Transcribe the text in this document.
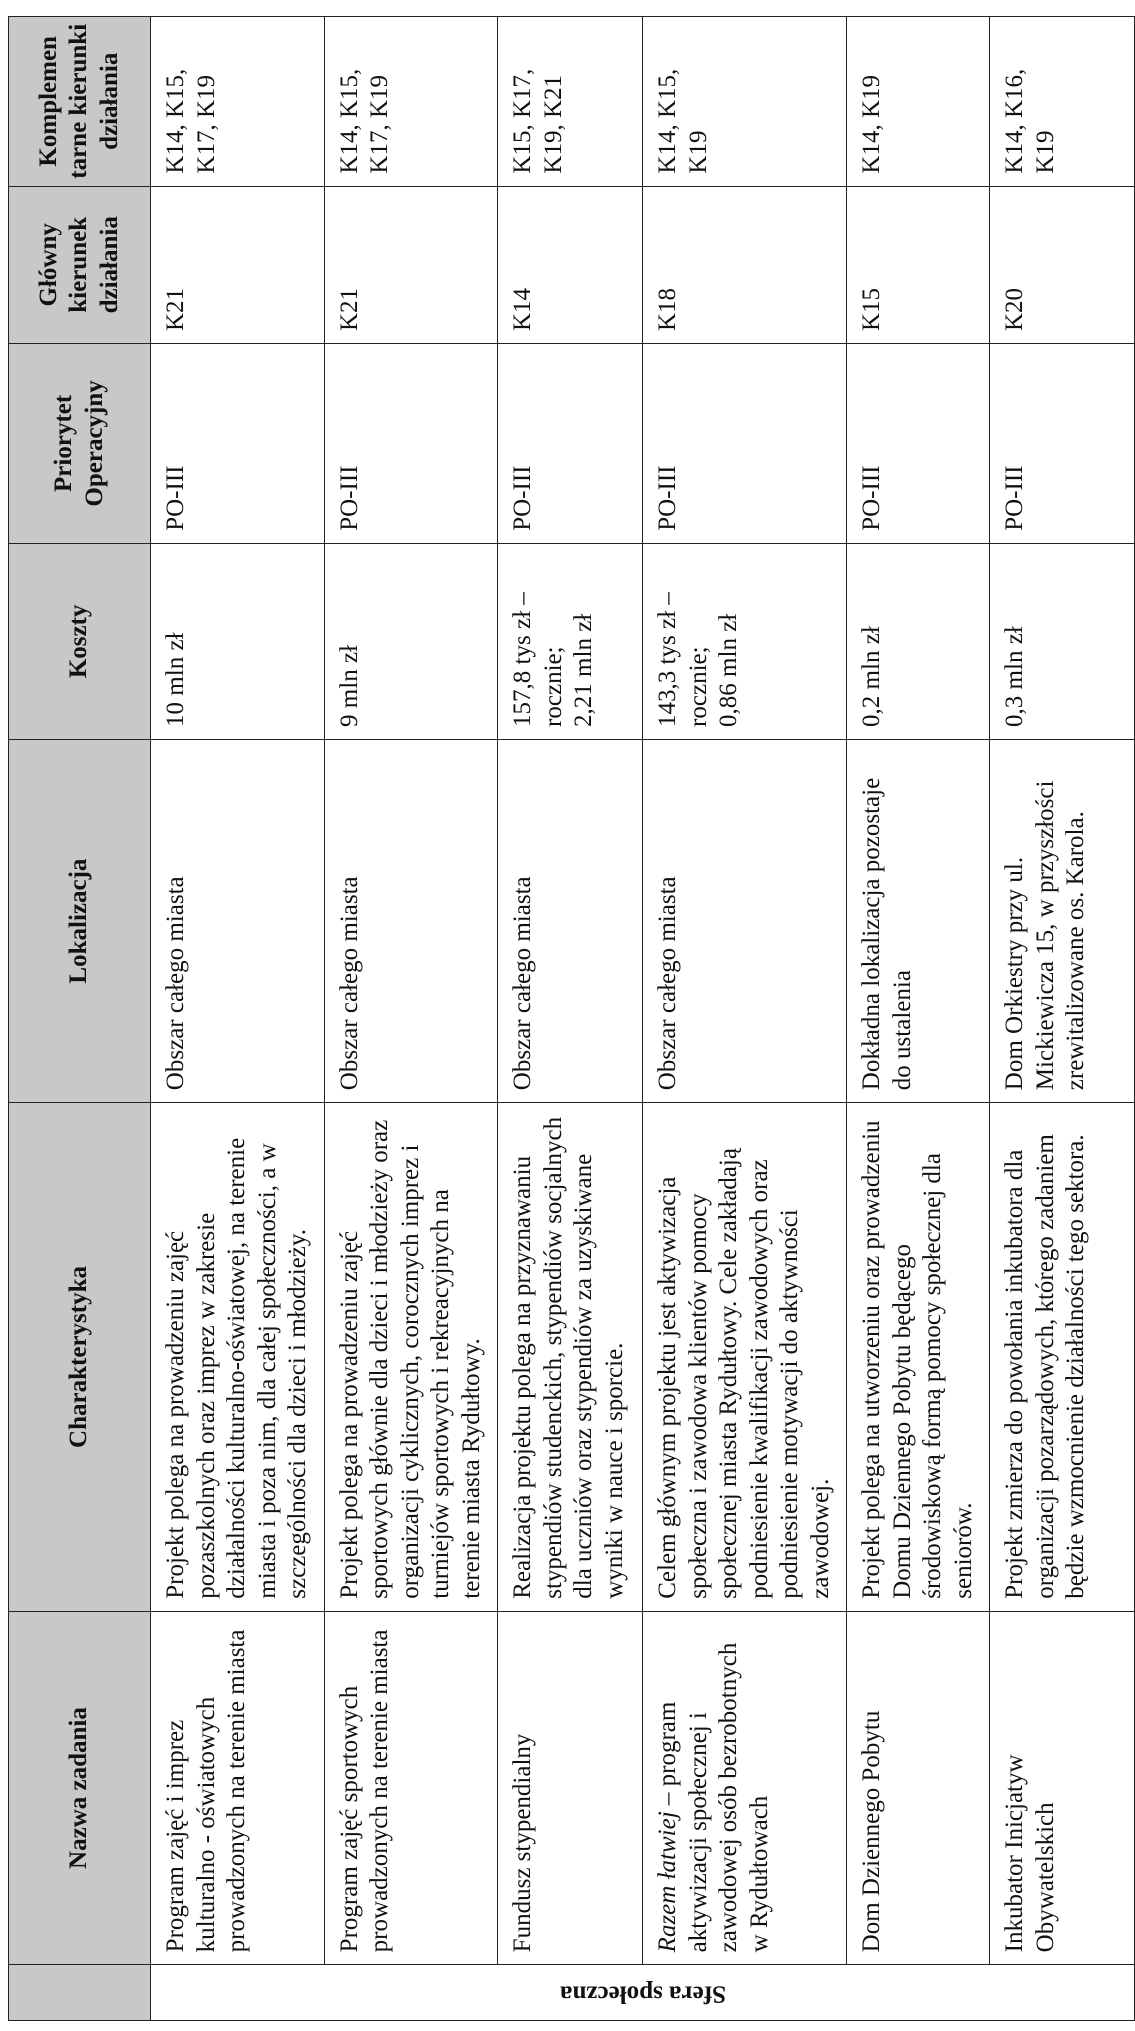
	Nazwa zadania	Charakterystyka	Lokalizacja	Koszty	Priorytet Operacyjny	Główny kierunek działania	Komplemen tarne kierunki działania

Sfera społeczna	Program zajęć i imprez kulturalno - oświatowych prowadzonych na terenie miasta	Projekt polega na prowadzeniu zajęć pozaszkolnych oraz imprez w zakresie działalności kulturalno-oświatowej, na terenie miasta i poza nim, dla całej społeczności, a w szczególności dla dzieci i młodzieży.	Obszar całego miasta	10 mln zł	PO-III	K21	K14, K15, K17, K19
	Program zajęć sportowych prowadzonych na terenie miasta	Projekt polega na prowadzeniu zajęć sportowych głównie dla dzieci i młodzieży oraz organizacji cyklicznych, corocznych imprez i turniejów sportowych i rekreacyjnych na terenie miasta Rydułtowy.	Obszar całego miasta	9 mln zł	PO-III	K21	K14, K15, K17, K19
	Fundusz stypendialny	Realizacja projektu polega na przyznawaniu stypendiów studenckich, stypendiów socjalnych dla uczniów oraz stypendiów za uzyskiwane wyniki w nauce i sporcie.	Obszar całego miasta	157,8 tys zł – rocznie;
2,21 mln zł	PO-III	K14	K15, K17, K19, K21
	Razem łatwiej – program aktywizacji społecznej i zawodowej osób bezrobotnych w Rydułtowach	Celem głównym projektu jest aktywizacja społeczna i zawodowa klientów pomocy społecznej miasta Rydułtowy. Cele zakładają podniesienie kwalifikacji zawodowych oraz podniesienie motywacji do aktywności zawodowej.	Obszar całego miasta	143,3 tys zł – rocznie;
0,86 mln zł	PO-III	K18	K14, K15, K19
	Dom Dziennego Pobytu	Projekt polega na utworzeniu oraz prowadzeniu Domu Dziennego Pobytu będącego środowiskową formą pomocy społecznej dla seniorów.	Dokładna lokalizacja pozostaje do ustalenia	0,2 mln zł	PO-III	K15	K14, K19
	Inkubator Inicjatyw Obywatelskich	Projekt zmierza do powołania inkubatora dla organizacji pozarządowych, którego zadaniem będzie wzmocnienie działalności tego sektora.	Dom Orkiestry przy ul. Mickiewicza 15, w przyszłości zrewitalizowane os. Karola.	0,3 mln zł	PO-III	K20	K14, K16, K19
